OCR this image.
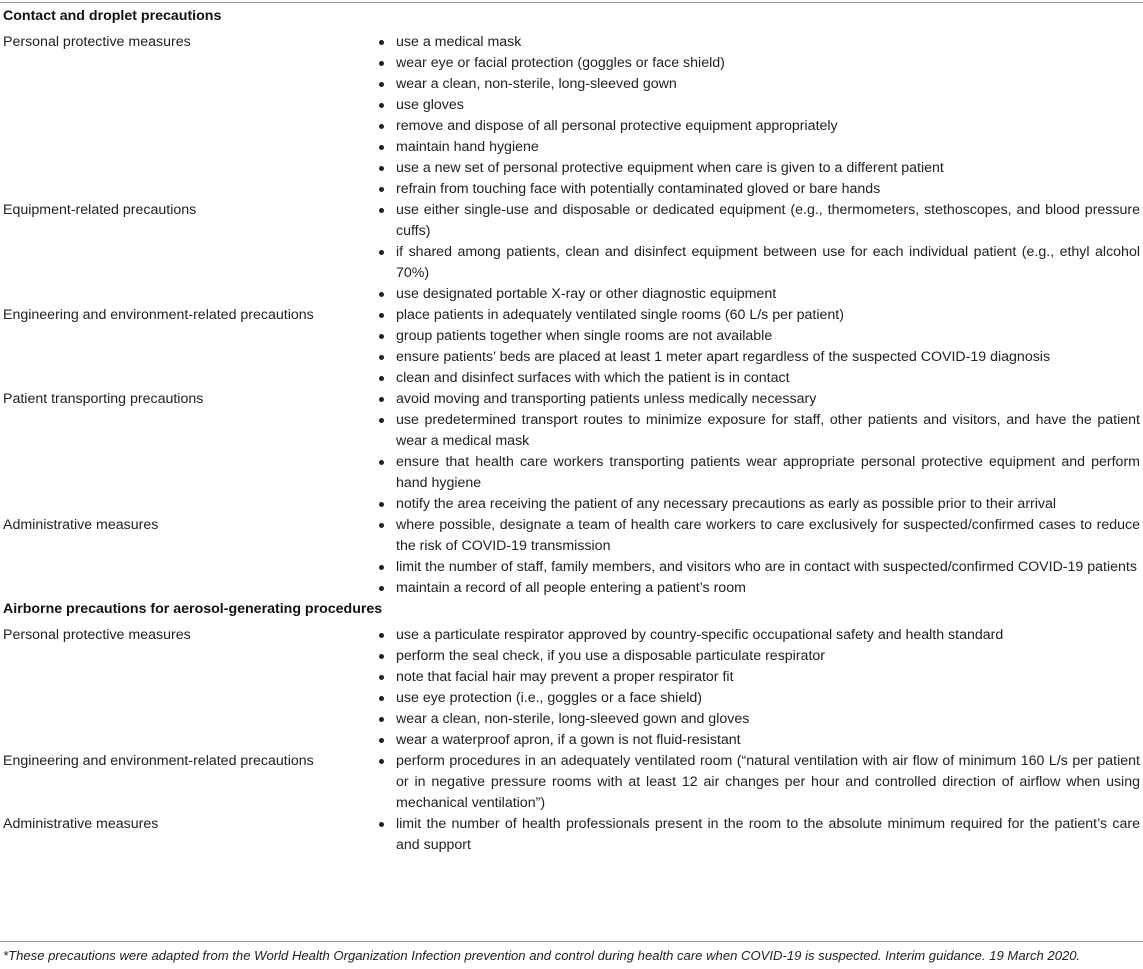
Contact and droplet precautions
Personal protective measures	use a medical mask
wear eye or facial protection (goggles or face shield)
wear a clean, non-sterile, long-sleeved gown
use gloves
remove and dispose of all personal protective equipment appropriately
maintain hand hygiene
use a new set of personal protective equipment when care is given to a different patient
refrain from touching face with potentially contaminated gloved or bare hands
Equipment-related precautions	use either single-use and disposable or dedicated equipment (e.g., thermometers, stethoscopes, and blood pressure cuffs)
if shared among patients, clean and disinfect equipment between use for each individual patient (e.g., ethyl alcohol 70%)
use designated portable X-ray or other diagnostic equipment
Engineering and environment-related precautions	place patients in adequately ventilated single rooms (60 L/s per patient)
group patients together when single rooms are not available
ensure patients’ beds are placed at least 1 meter apart regardless of the suspected COVID-19 diagnosis
clean and disinfect surfaces with which the patient is in contact
Patient transporting precautions	avoid moving and transporting patients unless medically necessary
use predetermined transport routes to minimize exposure for staff, other patients and visitors, and have the patient wear a medical mask
ensure that health care workers transporting patients wear appropriate personal protective equipment and perform hand hygiene
notify the area receiving the patient of any necessary precautions as early as possible prior to their arrival
Administrative measures	where possible, designate a team of health care workers to care exclusively for suspected/confirmed cases to reduce the risk of COVID-19 transmission
limit the number of staff, family members, and visitors who are in contact with suspected/confirmed COVID-19 patients
maintain a record of all people entering a patient’s room
Airborne precautions for aerosol-generating procedures
Personal protective measures	use a particulate respirator approved by country-specific occupational safety and health standard
perform the seal check, if you use a disposable particulate respirator
note that facial hair may prevent a proper respirator fit
use eye protection (i.e., goggles or a face shield)
wear a clean, non-sterile, long-sleeved gown and gloves
wear a waterproof apron, if a gown is not fluid-resistant
Engineering and environment-related precautions	perform procedures in an adequately ventilated room (“natural ventilation with air flow of minimum 160 L/s per patient or in negative pressure rooms with at least 12 air changes per hour and controlled direction of airflow when using mechanical ventilation”)
Administrative measures	limit the number of health professionals present in the room to the absolute minimum required for the patient’s care and support
*These precautions were adapted from the World Health Organization Infection prevention and control during health care when COVID-19 is suspected. Interim guidance. 19 March 2020.
